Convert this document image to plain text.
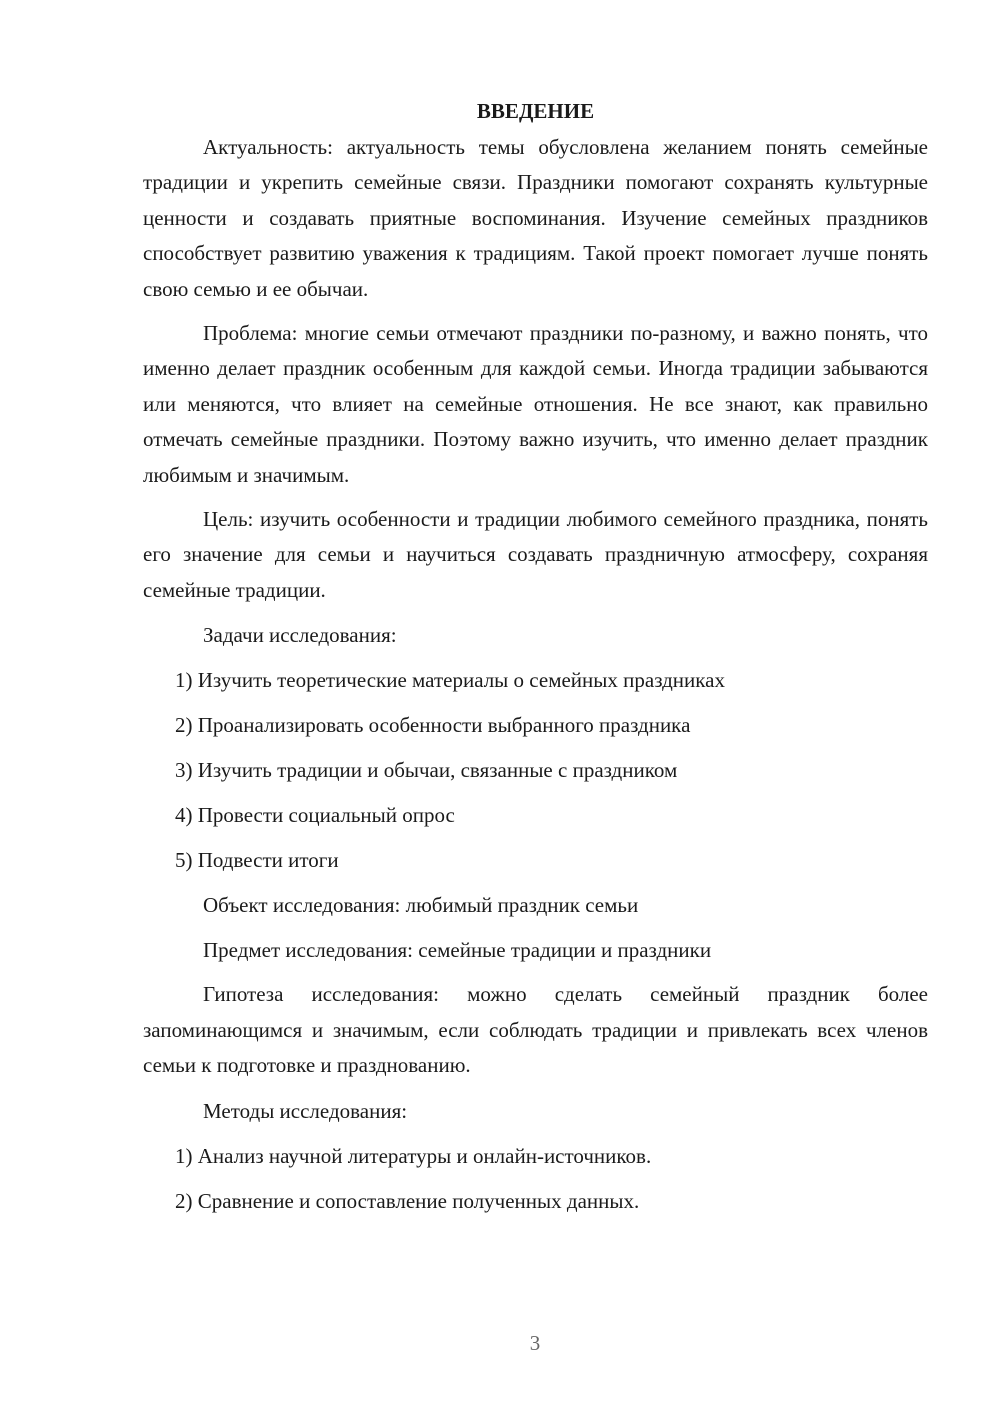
ВВЕДЕНИЕ

Актуальность: актуальность темы обусловлена желанием понять семейные традиции и укрепить семейные связи. Праздники помогают сохранять культурные ценности и создавать приятные воспоминания. Изучение семейных праздников способствует развитию уважения к традициям. Такой проект помогает лучше понять свою семью и ее обычаи.

Проблема: многие семьи отмечают праздники по-разному, и важно понять, что именно делает праздник особенным для каждой семьи. Иногда традиции забываются или меняются, что влияет на семейные отношения. Не все знают, как правильно отмечать семейные праздники. Поэтому важно изучить, что именно делает праздник любимым и значимым.

Цель: изучить особенности и традиции любимого семейного праздника, понять его значение для семьи и научиться создавать праздничную атмосферу, сохраняя семейные традиции.

Задачи исследования:
1) Изучить теоретические материалы о семейных праздниках
2) Проанализировать особенности выбранного праздника
3) Изучить традиции и обычаи, связанные с праздником
4) Провести социальный опрос
5) Подвести итоги
Объект исследования: любимый праздник семьи
Предмет исследования: семейные традиции и праздники

Гипотеза исследования: можно сделать семейный праздник более запоминающимся и значимым, если соблюдать традиции и привлекать всех членов семьи к подготовке и празднованию.

Методы исследования:
1) Анализ научной литературы и онлайн-источников.
2) Сравнение и сопоставление полученных данных.
3
